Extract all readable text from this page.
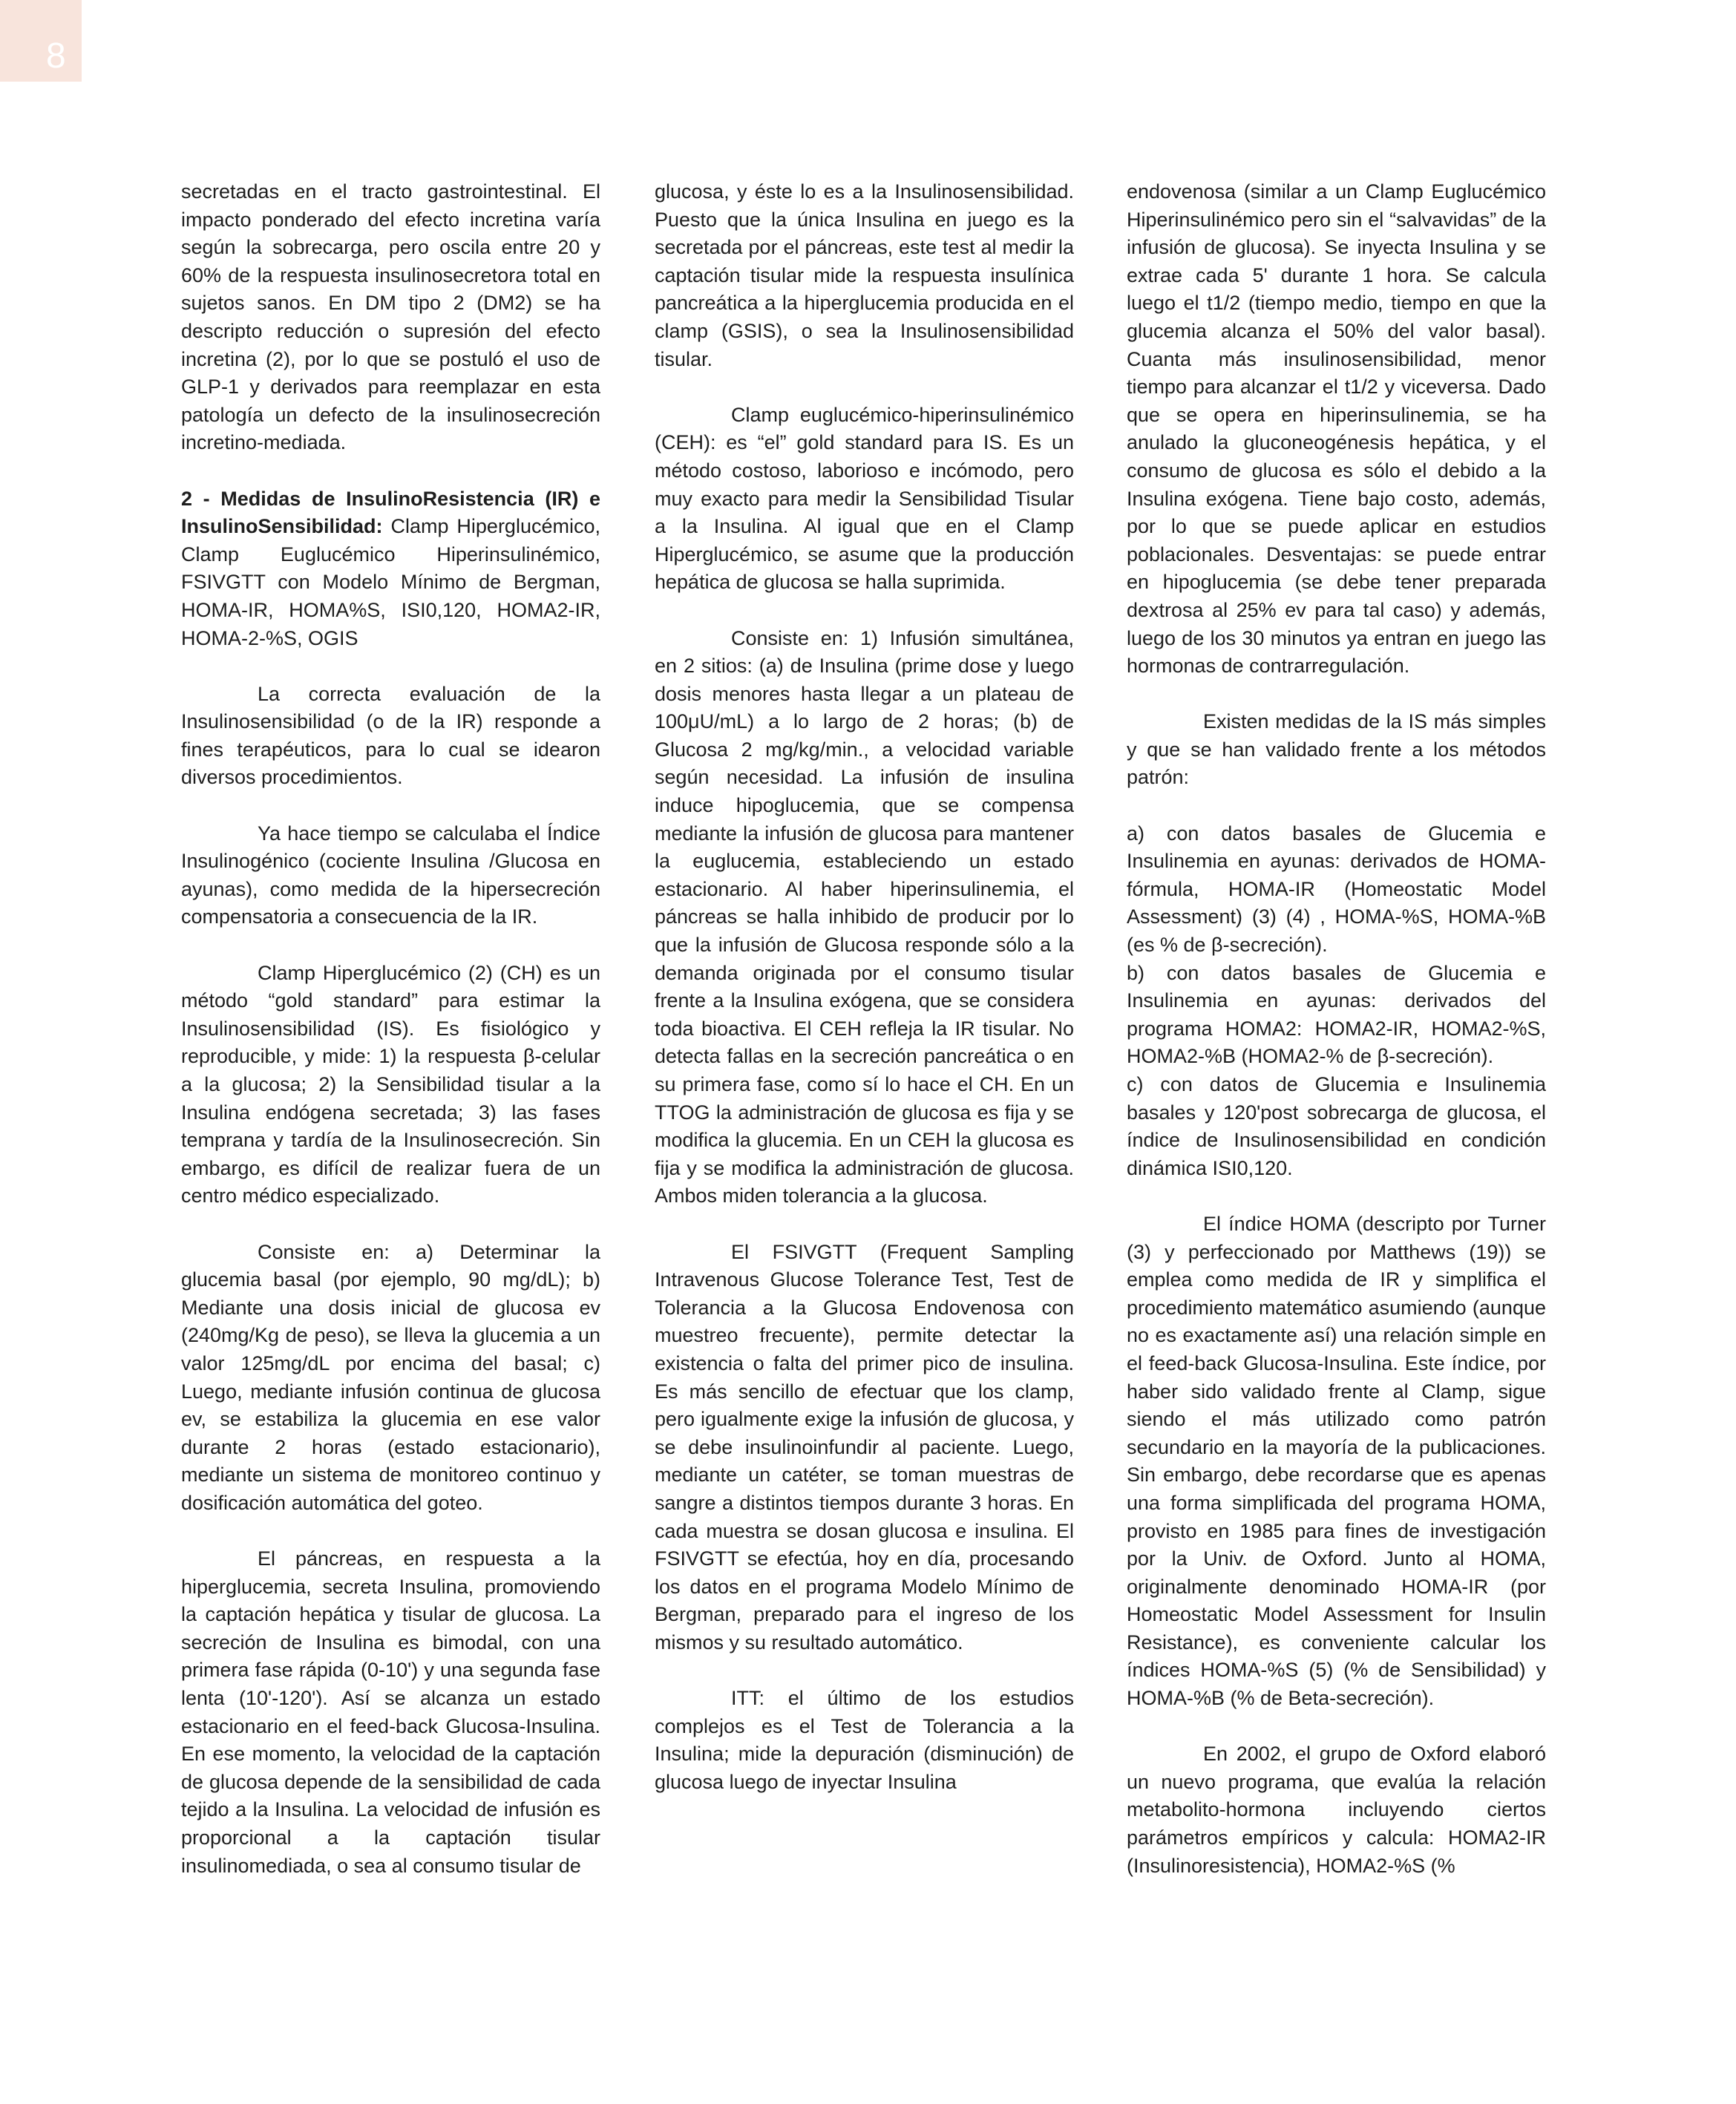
8

secretadas en el tracto gastrointestinal. El impacto ponderado del efecto incretina varía según la sobrecarga, pero oscila entre 20 y 60% de la respuesta insulinosecretora total en sujetos sanos. En DM tipo 2 (DM2) se ha descripto reducción o supresión del efecto incretina (2), por lo que se postuló el uso de GLP-1 y derivados para reemplazar en esta patología un defecto de la insulinosecreción incretino-mediada.

2 - Medidas de InsulinoResistencia (IR) e InsulinoSensibilidad: Clamp Hiperglucémico, Clamp Euglucémico Hiperinsulinémico, FSIVGTT con Modelo Mínimo de Bergman, HOMA-IR, HOMA%S, ISI0,120, HOMA2-IR, HOMA-2-%S, OGIS

La correcta evaluación de la Insulinosensibilidad (o de la IR) responde a fines terapéuticos, para lo cual se idearon diversos procedimientos.

Ya hace tiempo se calculaba el Índice Insulinogénico (cociente Insulina /Glucosa en ayunas), como medida de la hipersecreción compensatoria a consecuencia de la IR.

Clamp Hiperglucémico (2) (CH) es un método “gold standard” para estimar la Insulinosensibilidad (IS). Es fisiológico y reproducible, y mide: 1) la respuesta β-celular a la glucosa; 2) la Sensibilidad tisular a la Insulina endógena secretada; 3) las fases temprana y tardía de la Insulinosecreción. Sin embargo, es difícil de realizar fuera de un centro médico especializado.

Consiste en: a) Determinar la glucemia basal (por ejemplo, 90 mg/dL); b) Mediante una dosis inicial de glucosa ev (240mg/Kg de peso), se lleva la glucemia a un valor 125mg/dL por encima del basal; c) Luego, mediante infusión continua de glucosa ev, se estabiliza la glucemia en ese valor durante 2 horas (estado estacionario), mediante un sistema de monitoreo continuo y dosificación automática del goteo.

El páncreas, en respuesta a la hiperglucemia, secreta Insulina, promoviendo la captación hepática y tisular de glucosa. La secreción de Insulina es bimodal, con una primera fase rápida (0-10') y una segunda fase lenta (10'-120'). Así se alcanza un estado estacionario en el feed-back Glucosa-Insulina. En ese momento, la velocidad de la captación de glucosa depende de la sensibilidad de cada tejido a la Insulina. La velocidad de infusión es proporcional a la captación tisular insulinomediada, o sea al consumo tisular de

glucosa, y éste lo es a la Insulinosensibilidad. Puesto que la única Insulina en juego es la secretada por el páncreas, este test al medir la captación tisular mide la respuesta insulínica pancreática a la hiperglucemia producida en el clamp (GSIS), o sea la Insulinosensibilidad tisular.

Clamp euglucémico-hiperinsulinémico (CEH): es “el” gold standard para IS. Es un método costoso, laborioso e incómodo, pero muy exacto para medir la Sensibilidad Tisular a la Insulina. Al igual que en el Clamp Hiperglucémico, se asume que la producción hepática de glucosa se halla suprimida.

Consiste en: 1) Infusión simultánea, en 2 sitios: (a) de Insulina (prime dose y luego dosis menores hasta llegar a un plateau de 100μU/mL) a lo largo de 2 horas; (b) de Glucosa 2 mg/kg/min., a velocidad variable según necesidad. La infusión de insulina induce hipoglucemia, que se compensa mediante la infusión de glucosa para mantener la euglucemia, estableciendo un estado estacionario. Al haber hiperinsulinemia, el páncreas se halla inhibido de producir por lo que la infusión de Glucosa responde sólo a la demanda originada por el consumo tisular frente a la Insulina exógena, que se considera toda bioactiva. El CEH refleja la IR tisular. No detecta fallas en la secreción pancreática o en su primera fase, como sí lo hace el CH. En un TTOG la administración de glucosa es fija y se modifica la glucemia. En un CEH la glucosa es fija y se modifica la administración de glucosa. Ambos miden tolerancia a la glucosa.

El FSIVGTT (Frequent Sampling Intravenous Glucose Tolerance Test, Test de Tolerancia a la Glucosa Endovenosa con muestreo frecuente), permite detectar la existencia o falta del primer pico de insulina. Es más sencillo de efectuar que los clamp, pero igualmente exige la infusión de glucosa, y se debe insulinoinfundir al paciente. Luego, mediante un catéter, se toman muestras de sangre a distintos tiempos durante 3 horas. En cada muestra se dosan glucosa e insulina. El FSIVGTT se efectúa, hoy en día, procesando los datos en el programa Modelo Mínimo de Bergman, preparado para el ingreso de los mismos y su resultado automático.

ITT: el último de los estudios complejos es el Test de Tolerancia a la Insulina; mide la depuración (disminución) de glucosa luego de inyectar Insulina

endovenosa (similar a un Clamp Euglucémico Hiperinsulinémico pero sin el “salvavidas” de la infusión de glucosa). Se inyecta Insulina y se extrae cada 5' durante 1 hora. Se calcula luego el t1/2 (tiempo medio, tiempo en que la glucemia alcanza el 50% del valor basal). Cuanta más insulinosensibilidad, menor tiempo para alcanzar el t1/2 y viceversa. Dado que se opera en hiperinsulinemia, se ha anulado la gluconeogénesis hepática, y el consumo de glucosa es sólo el debido a la Insulina exógena. Tiene bajo costo, además, por lo que se puede aplicar en estudios poblacionales. Desventajas: se puede entrar en hipoglucemia (se debe tener preparada dextrosa al 25% ev para tal caso) y además, luego de los 30 minutos ya entran en juego las hormonas de contrarregulación.

Existen medidas de la IS más simples y que se han validado frente a los métodos patrón:

a) con datos basales de Glucemia e Insulinemia en ayunas: derivados de HOMA-fórmula, HOMA-IR (Homeostatic Model Assessment) (3) (4) , HOMA-%S, HOMA-%B (es % de β-secreción).

b) con datos basales de Glucemia e Insulinemia en ayunas: derivados del programa HOMA2: HOMA2-IR, HOMA2-%S, HOMA2-%B (HOMA2-% de β-secreción).

c) con datos de Glucemia e Insulinemia basales y 120'post sobrecarga de glucosa, el índice de Insulinosensibilidad en condición dinámica ISI0,120.

El índice HOMA (descripto por Turner (3) y perfeccionado por Matthews (19)) se emplea como medida de IR y simplifica el procedimiento matemático asumiendo (aunque no es exactamente así) una relación simple en el feed-back Glucosa-Insulina. Este índice, por haber sido validado frente al Clamp, sigue siendo el más utilizado como patrón secundario en la mayoría de la publicaciones. Sin embargo, debe recordarse que es apenas una forma simplificada del programa HOMA, provisto en 1985 para fines de investigación por la Univ. de Oxford. Junto al HOMA, originalmente denominado HOMA-IR (por Homeostatic Model Assessment for Insulin Resistance), es conveniente calcular los índices HOMA-%S (5) (% de Sensibilidad) y HOMA-%B (% de Beta-secreción).

En 2002, el grupo de Oxford elaboró un nuevo programa, que evalúa la relación metabolito-hormona incluyendo ciertos parámetros empíricos y calcula: HOMA2-IR (Insulinoresistencia), HOMA2-%S (%
